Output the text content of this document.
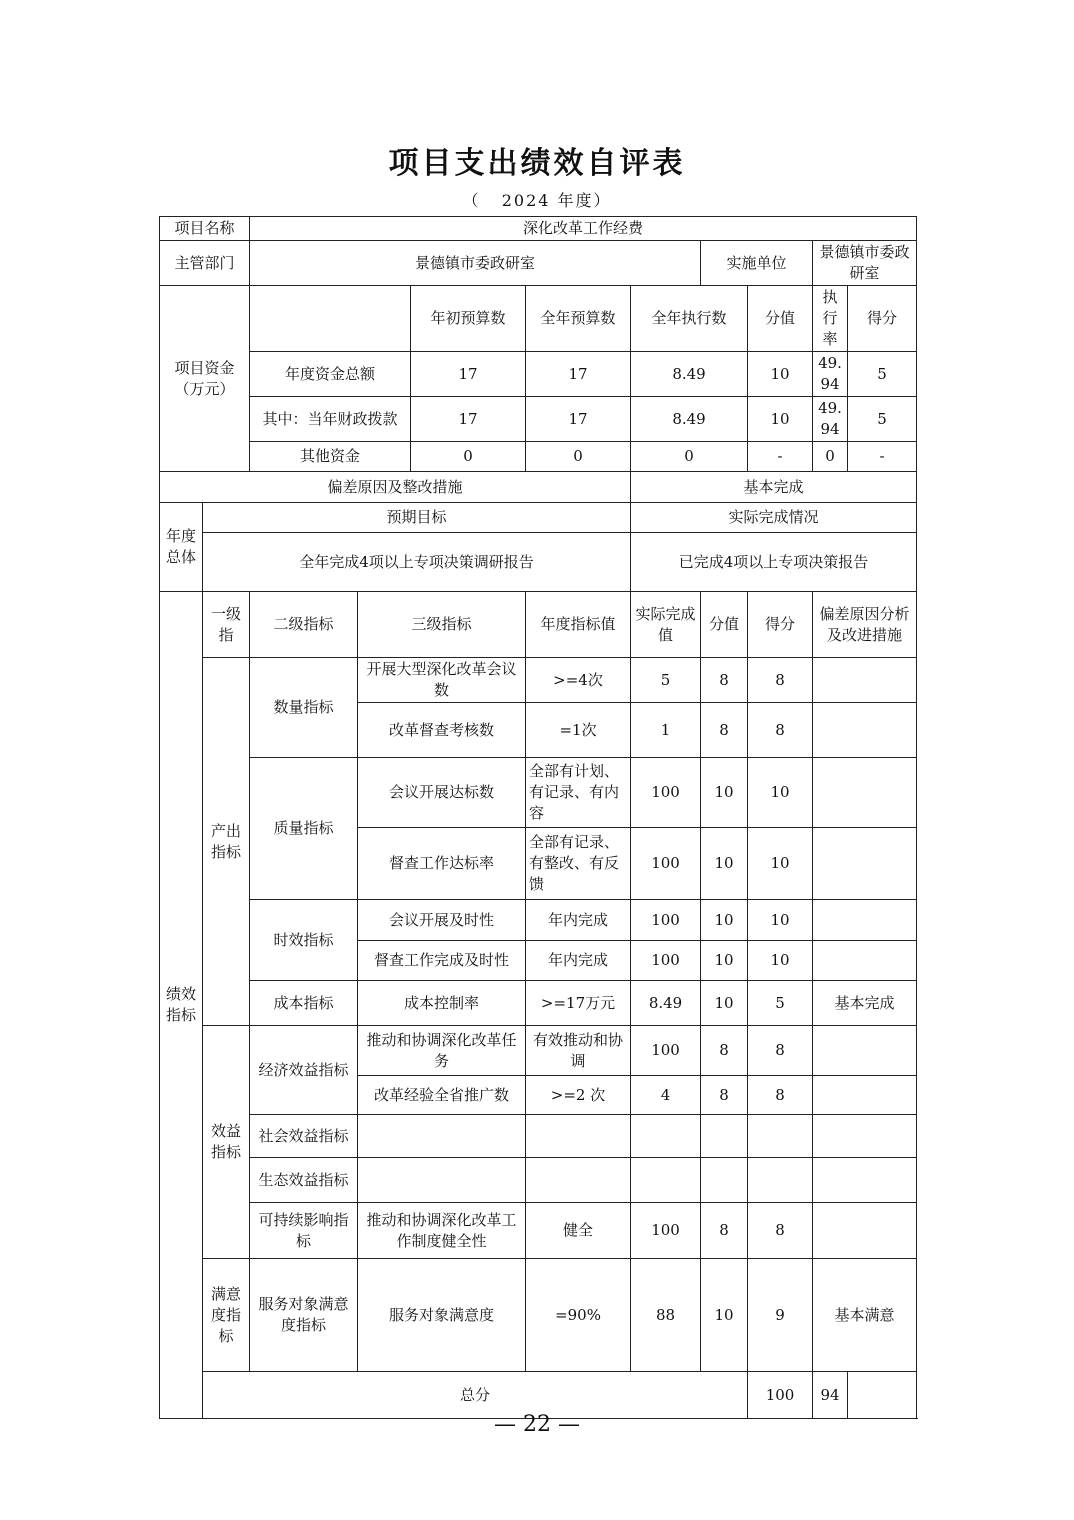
项目支出绩效自评表
（   2024 年度）
项目名称		深化改革工作经费								
主管部门		景德镇市委政研室					实施单位		景德镇市委政研室	
项目资金（万元）				年初预算数	全年预算数	全年执行数		分值	执行率	得分
		年度资金总额		17	17	8.49		10	49.94	5
		其中：当年财政拨款		17	17	8.49		10	49.94	5
		其他资金		0	0	0		-	0	-
偏差原因及整改措施						基本完成				
年度总体	预期目标					实际完成情况				
	全年完成4项以上专项决策调研报告					已完成4项以上专项决策报告				
绩效指标	一级指	二级指标	三级指标		年度指标值	实际完成值	分值	得分	偏差原因分析及改进措施	
	产出指标	数量指标	开展大型深化改革会议数		>=4次	5	8	8		
			改革督查考核数		=1次	1	8	8		
		质量指标	会议开展达标数		全部有计划、有记录、有内容	100	10	10		
			督查工作达标率		全部有记录、有整改、有反馈	100	10	10		
		时效指标	会议开展及时性		年内完成	100	10	10		
			督查工作完成及时性		年内完成	100	10	10		
		成本指标	成本控制率		>=17万元	8.49	10	5	基本完成	
	效益指标	经济效益指标	推动和协调深化改革任务		有效推动和协调	100	8	8		
			改革经验全省推广数		>=2 次	4	8	8		
		社会效益指标								
		生态效益指标								
		可持续影响指标	推动和协调深化改革工作制度健全性		健全	100	8	8		
	满意度指标	服务对象满意度指标	服务对象满意度		=90%	88	10	9	基本满意	
	总分							100	94	
— 22 —
